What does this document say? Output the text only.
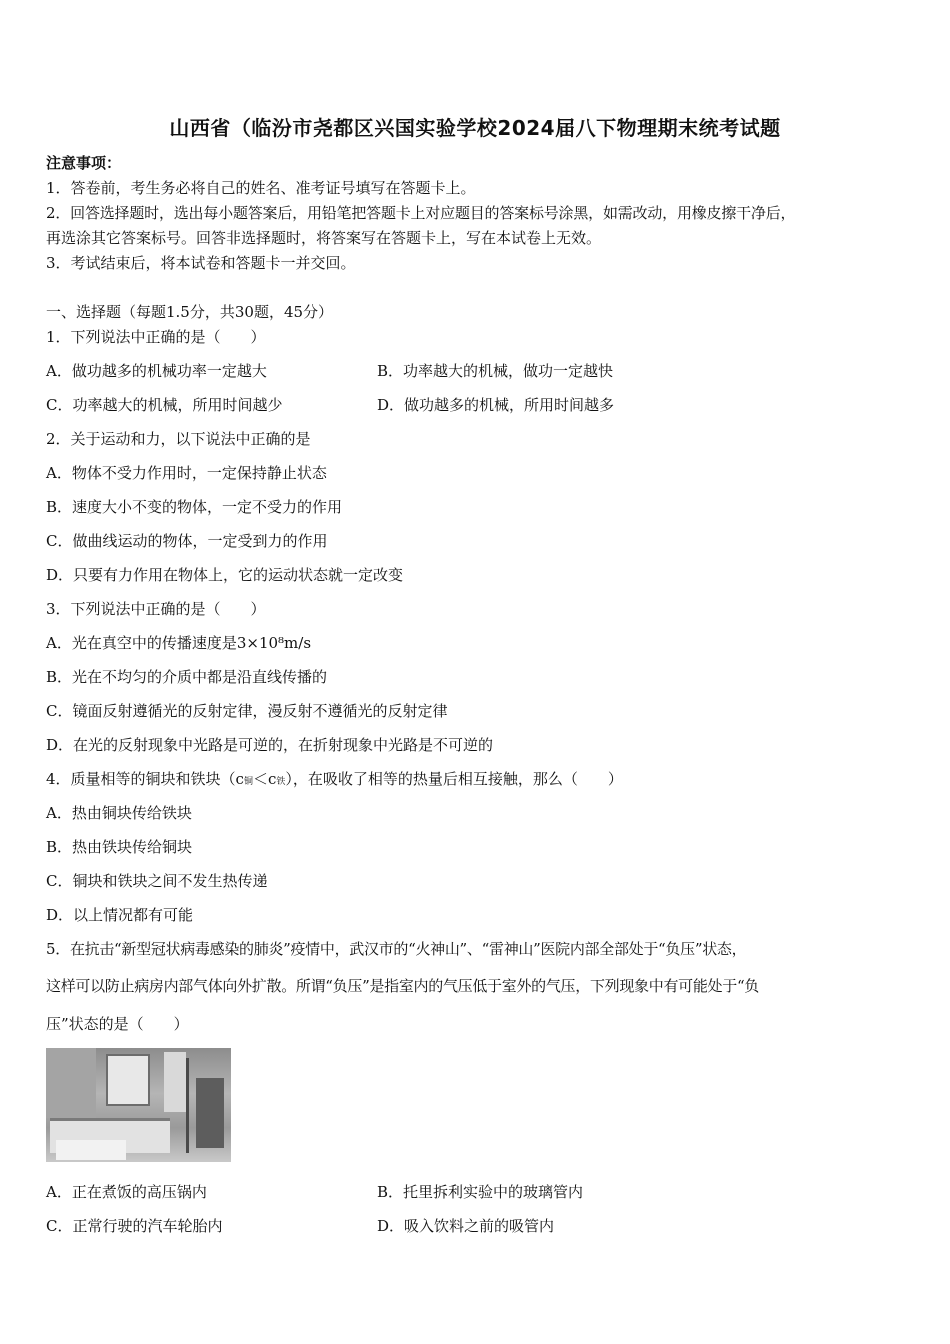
山西省（临汾市尧都区兴国实验学校2024届八下物理期末统考试题
注意事项：
1．答卷前，考生务必将自己的姓名、准考证号填写在答题卡上。
2．回答选择题时，选出每小题答案后，用铅笔把答题卡上对应题目的答案标号涂黑，如需改动，用橡皮擦干净后，
再选涂其它答案标号。回答非选择题时，将答案写在答题卡上，写在本试卷上无效。
3．考试结束后，将本试卷和答题卡一并交回。
一、选择题（每题1.5分，共30题，45分）
1．下列说法中正确的是（　　）
A．做功越多的机械功率一定越大	B．功率越大的机械，做功一定越快
C．功率越大的机械，所用时间越少	D．做功越多的机械，所用时间越多
2．关于运动和力，以下说法中正确的是
A．物体不受力作用时，一定保持静止状态
B．速度大小不变的物体，一定不受力的作用
C．做曲线运动的物体，一定受到力的作用
D．只要有力作用在物体上，它的运动状态就一定改变
3．下列说法中正确的是（　　）
A．光在真空中的传播速度是3×10⁸m/s
B．光在不均匀的介质中都是沿直线传播的
C．镜面反射遵循光的反射定律，漫反射不遵循光的反射定律
D．在光的反射现象中光路是可逆的，在折射现象中光路是不可逆的
4．质量相等的铜块和铁块（c铜＜c铁），在吸收了相等的热量后相互接触，那么（　　）
A．热由铜块传给铁块
B．热由铁块传给铜块
C．铜块和铁块之间不发生热传递
D．以上情况都有可能
5．在抗击“新型冠状病毒感染的肺炎”疫情中，武汉市的“火神山”、“雷神山”医院内部全部处于“负压”状态，
这样可以防止病房内部气体向外扩散。所谓“负压”是指室内的气压低于室外的气压，下列现象中有可能处于“负
压”状态的是（　　）
A．正在煮饭的高压锅内	B．托里拆利实验中的玻璃管内
C．正常行驶的汽车轮胎内	D．吸入饮料之前的吸管内
